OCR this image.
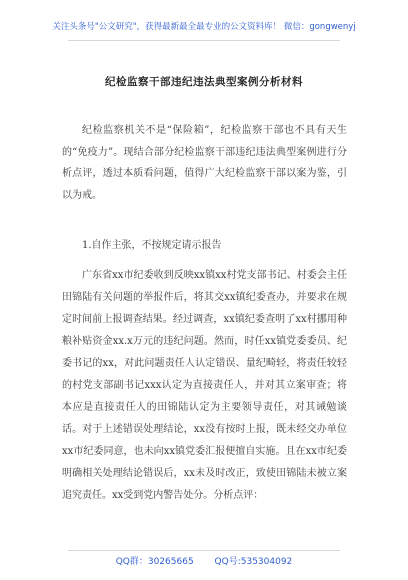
关注头条号"公文研究"，获得最新最全最专业的公文资料库！ 微信：gongwenyj
纪检监察干部违纪违法典型案例分析材料

纪检监察机关不是“保险箱”，纪检监察干部也不具有天生的“免疫力”。现结合部分纪检监察干部违纪违法典型案例进行分析点评，透过本质看问题，值得广大纪检监察干部以案为鉴，引以为戒。

1.自作主张，不按规定请示报告

广东省xx市纪委收到反映xx镇xx村党支部书记、村委会主任田锦陆有关问题的举报件后，将其交xx镇纪委查办，并要求在规定时间前上报调查结果。经过调查，xx镇纪委查明了xx村挪用种粮补贴资金xx.x万元的违纪问题。然而，时任xx镇党委委员、纪委书记的xx，对此问题责任人认定错误、量纪畸轻，将责任较轻的村党支部副书记xxx认定为直接责任人，并对其立案审查；将本应是直接责任人的田锦陆认定为主要领导责任，对其诫勉谈话。对于上述错误处理结论，xx没有按时上报，既未经交办单位xx市纪委同意，也未向xx镇党委汇报便擅自实施。且在xx市纪委明确相关处理结论错误后，xx未及时改正，致使田锦陆未被立案追究责任。xx受到党内警告处分。分析点评：

QQ群：30265665 QQ号:535304092
